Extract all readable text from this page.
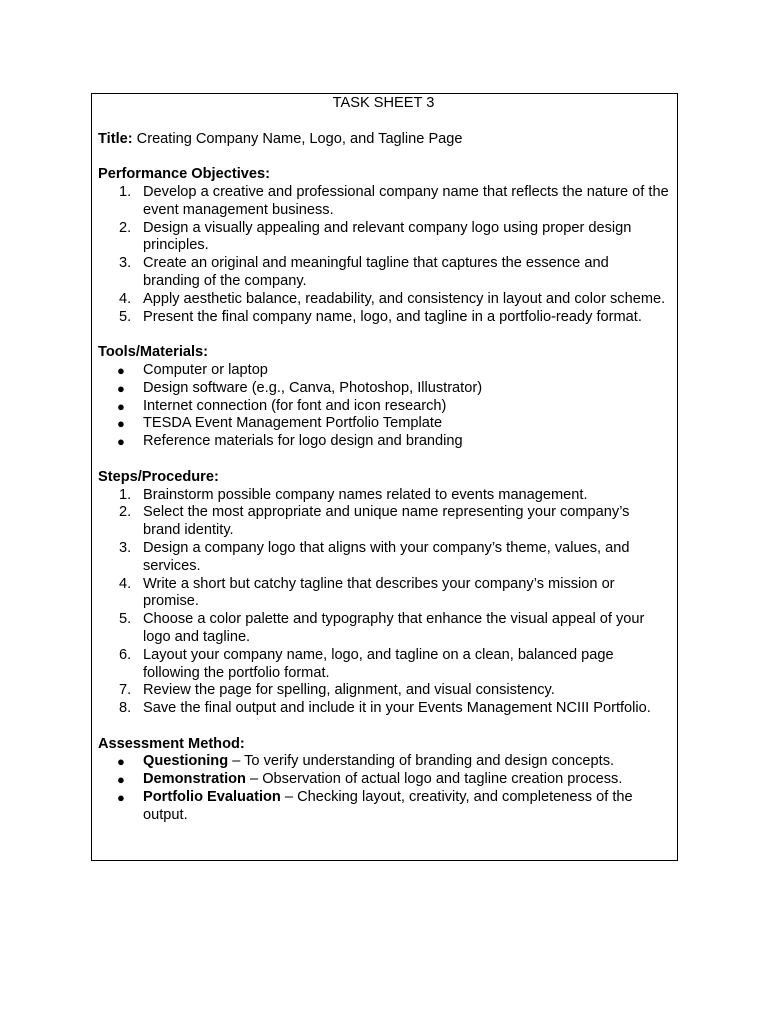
TASK SHEET 3
Title: Creating Company Name, Logo, and Tagline Page
Performance Objectives:
1. Develop a creative and professional company name that reflects the nature of the event management business.
2. Design a visually appealing and relevant company logo using proper design principles.
3. Create an original and meaningful tagline that captures the essence and branding of the company.
4. Apply aesthetic balance, readability, and consistency in layout and color scheme.
5. Present the final company name, logo, and tagline in a portfolio-ready format.
Tools/Materials:
● Computer or laptop
● Design software (e.g., Canva, Photoshop, Illustrator)
● Internet connection (for font and icon research)
● TESDA Event Management Portfolio Template
● Reference materials for logo design and branding
Steps/Procedure:
1. Brainstorm possible company names related to events management.
2. Select the most appropriate and unique name representing your company’s brand identity.
3. Design a company logo that aligns with your company’s theme, values, and services.
4. Write a short but catchy tagline that describes your company’s mission or promise.
5. Choose a color palette and typography that enhance the visual appeal of your logo and tagline.
6. Layout your company name, logo, and tagline on a clean, balanced page following the portfolio format.
7. Review the page for spelling, alignment, and visual consistency.
8. Save the final output and include it in your Events Management NCIII Portfolio.
Assessment Method:
● Questioning – To verify understanding of branding and design concepts.
● Demonstration – Observation of actual logo and tagline creation process.
● Portfolio Evaluation – Checking layout, creativity, and completeness of the output.
